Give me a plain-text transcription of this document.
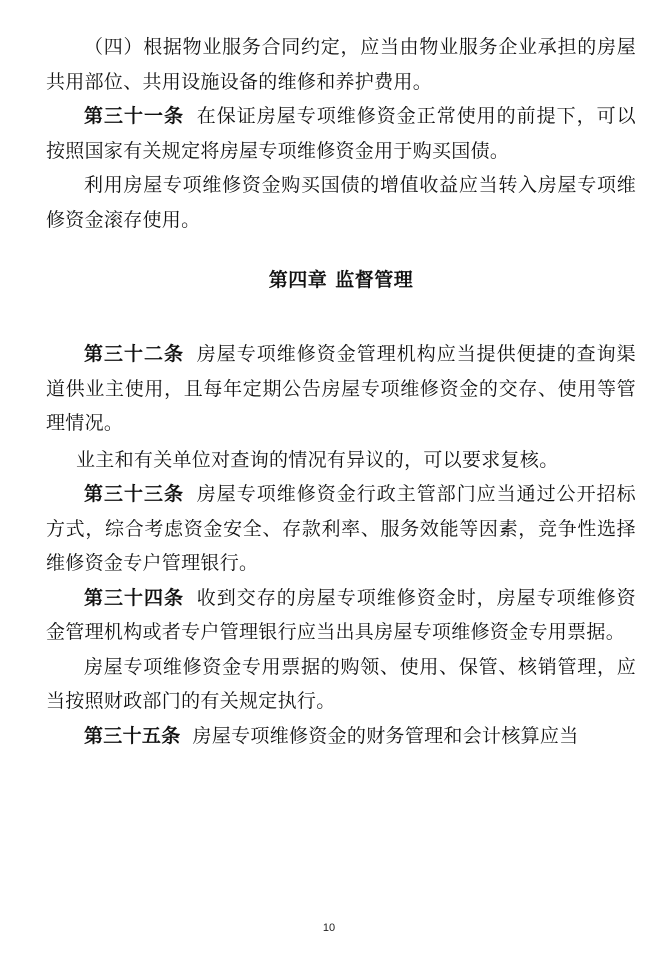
（四）根据物业服务合同约定，应当由物业服务企业承担的房屋共用部位、共用设施设备的维修和养护费用。

第三十一条 在保证房屋专项维修资金正常使用的前提下，可以按照国家有关规定将房屋专项维修资金用于购买国债。

利用房屋专项维修资金购买国债的增值收益应当转入房屋专项维修资金滚存使用。

第四章 监督管理

第三十二条 房屋专项维修资金管理机构应当提供便捷的查询渠道供业主使用，且每年定期公告房屋专项维修资金的交存、使用等管理情况。

业主和有关单位对查询的情况有异议的，可以要求复核。

第三十三条 房屋专项维修资金行政主管部门应当通过公开招标方式，综合考虑资金安全、存款利率、服务效能等因素，竞争性选择维修资金专户管理银行。

第三十四条 收到交存的房屋专项维修资金时，房屋专项维修资金管理机构或者专户管理银行应当出具房屋专项维修资金专用票据。

房屋专项维修资金专用票据的购领、使用、保管、核销管理，应当按照财政部门的有关规定执行。

第三十五条 房屋专项维修资金的财务管理和会计核算应当

10
